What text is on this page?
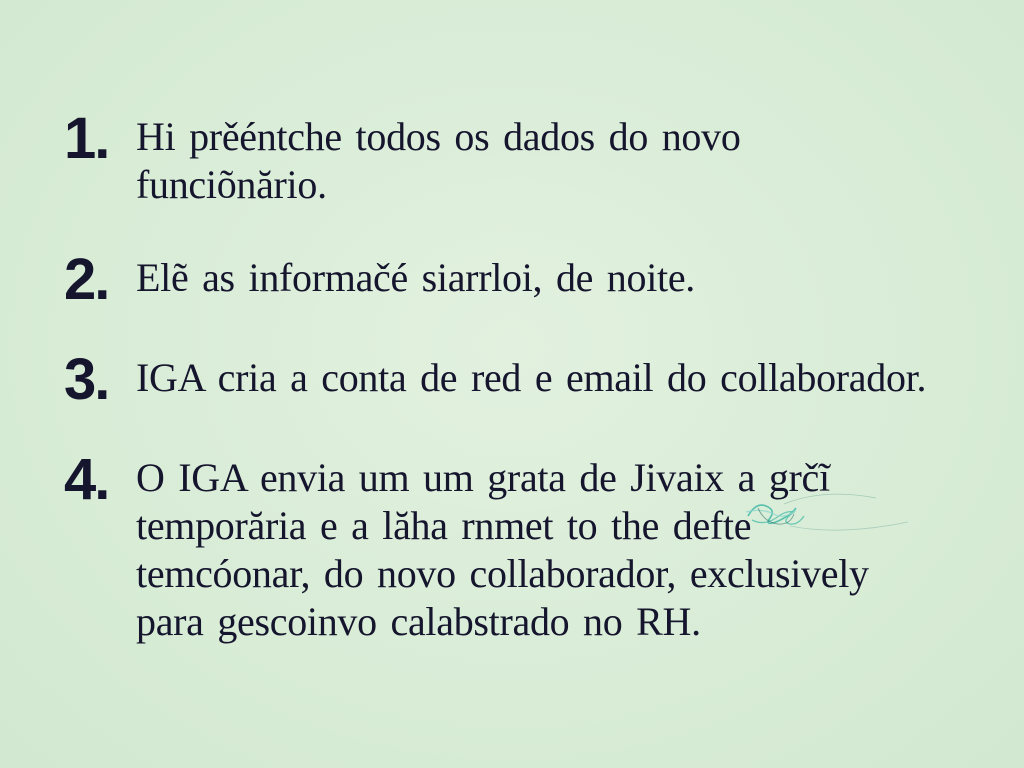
1. Hi prěéntche todos os dados do novo
funciõnărio.
2. Elẽ as informačé siarrloi, de noite.
3. IGA cria a conta de red e email do collaborador.
4. O IGA envia um um grata de Jivaix a grčĩ
temporăria e a lăha rnmet to the defte
temcóonar, do novo collaborador, exclusively
para gescoinvo calabstrado no RH.
